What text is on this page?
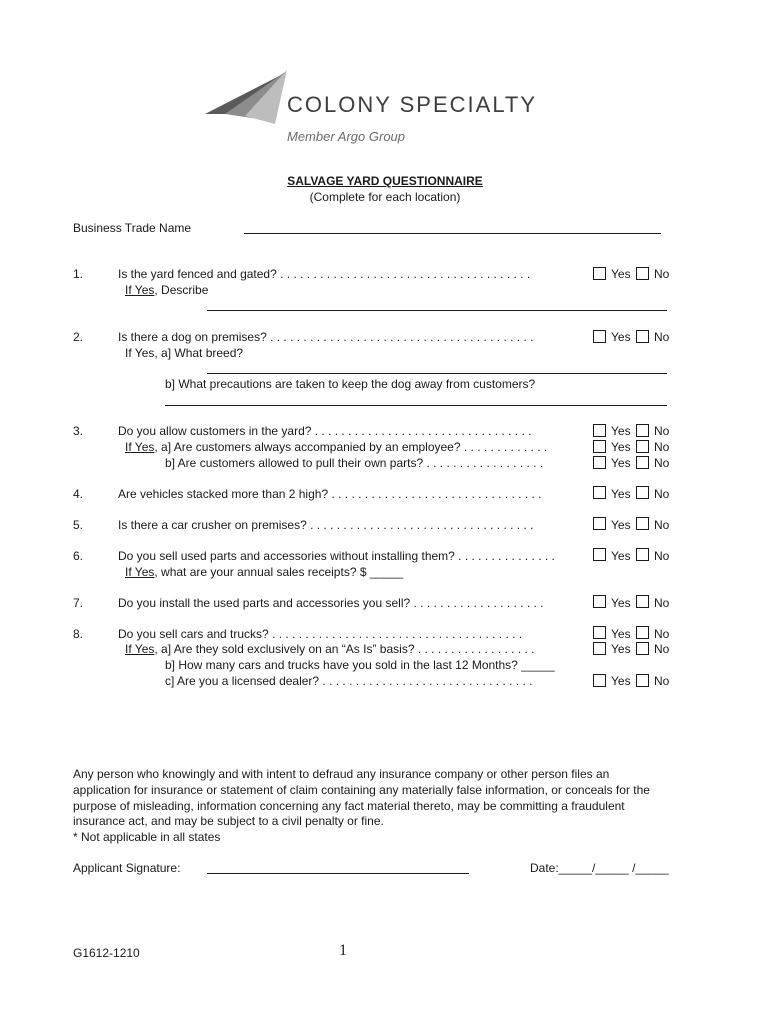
COLONY SPECIALTY
Member Argo Group
SALVAGE YARD QUESTIONNAIRE
(Complete for each location)
Business Trade Name
1.	Is the yard fenced and gated? . . . . . . . . . . . . . . . . . . . . . . . . . . . . . . . . . . . . . .	Yes No
If Yes, Describe
2.	Is there a dog on premises? . . . . . . . . . . . . . . . . . . . . . . . . . . . . . . . . . . . . . . . .	Yes No
If Yes, a] What breed?
b] What precautions are taken to keep the dog away from customers?
3.	Do you allow customers in the yard? . . . . . . . . . . . . . . . . . . . . . . . . . . . . . . . . .	Yes No
If Yes, a] Are customers always accompanied by an employee? . . . . . . . . . . . . .	Yes No
b] Are customers allowed to pull their own parts? . . . . . . . . . . . . . . . . . .	Yes No
4.	Are vehicles stacked more than 2 high? . . . . . . . . . . . . . . . . . . . . . . . . . . . . . . . .	Yes No
5.	Is there a car crusher on premises? . . . . . . . . . . . . . . . . . . . . . . . . . . . . . . . . . .	Yes No
6.	Do you sell used parts and accessories without installing them? . . . . . . . . . . . . . . .	Yes No
If Yes, what are your annual sales receipts? $ _____
7.	Do you install the used parts and accessories you sell? . . . . . . . . . . . . . . . . . . . .	Yes No
8.	Do you sell cars and trucks? . . . . . . . . . . . . . . . . . . . . . . . . . . . . . . . . . . . . . .	Yes No
If Yes, a] Are they sold exclusively on an “As Is” basis? . . . . . . . . . . . . . . . . . .	Yes No
b] How many cars and trucks have you sold in the last 12 Months? _____
c] Are you a licensed dealer? . . . . . . . . . . . . . . . . . . . . . . . . . . . . . . . .	Yes No
Any person who knowingly and with intent to defraud any insurance company or other person files an
application for insurance or statement of claim containing any materially false information, or conceals for the
purpose of misleading, information concerning any fact material thereto, may be committing a fraudulent
insurance act, and may be subject to a civil penalty or fine.
* Not applicable in all states
Applicant Signature:	Date:_____/_____ /_____
G1612-1210	1
